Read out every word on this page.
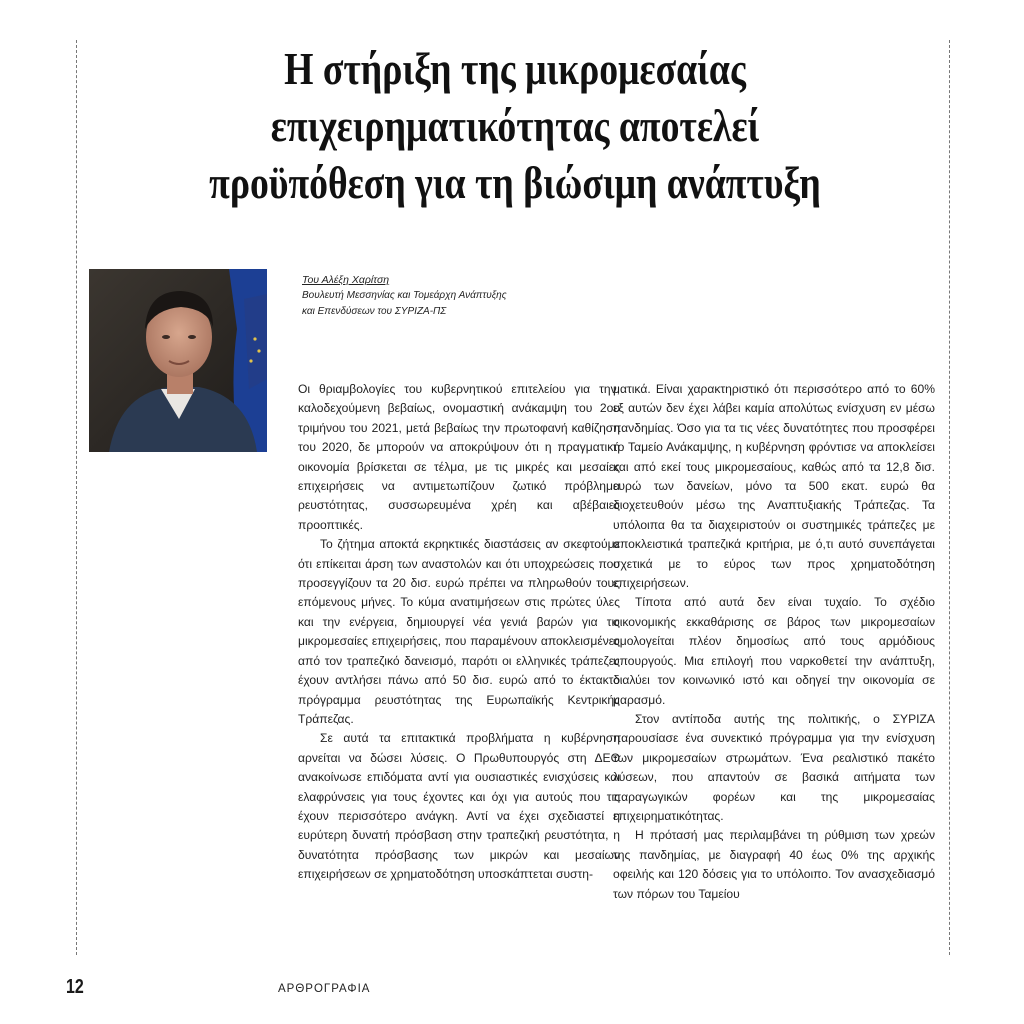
Η στήριξη της μικρομεσαίας
επιχειρηματικότητας αποτελεί
προϋπόθεση για τη βιώσιμη ανάπτυξη
Του Αλέξη Χαρίτση
Βουλευτή Μεσσηνίας και Τομεάρχη Ανάπτυξης
και Επενδύσεων του ΣΥΡΙΖΑ-ΠΣ

Οι θριαμβολογίες του κυβερνητικού επιτελείου για την, καλοδεχούμενη βεβαίως, ονομαστική ανάκαμψη του 2ου τριμήνου του 2021, μετά βεβαίως την πρωτοφανή καθίζηση του 2020, δε μπορούν να αποκρύψουν ότι η πραγματική οικονομία βρίσκεται σε τέλμα, με τις μικρές και μεσαίες επιχειρήσεις να αντιμετωπίζουν ζωτικό πρόβλημα ρευστότητας, συσσωρευμένα χρέη και αβέβαιες προοπτικές.

Το ζήτημα αποκτά εκρηκτικές διαστάσεις αν σκεφτούμε ότι επίκειται άρση των αναστολών και ότι υποχρεώσεις που προσεγγίζουν τα 20 δισ. ευρώ πρέπει να πληρωθούν τους επόμενους μήνες. Το κύμα ανατιμήσεων στις πρώτες ύλες και την ενέργεια, δημιουργεί νέα γενιά βαρών για τις μικρομεσαίες επιχειρήσεις, που παραμένουν αποκλεισμένες από τον τραπεζικό δανεισμό, παρότι οι ελληνικές τράπεζες έχουν αντλήσει πάνω από 50 δισ. ευρώ από το έκτακτο πρόγραμμα ρευστότητας της Ευρωπαϊκής Κεντρικής Τράπεζας.

Σε αυτά τα επιτακτικά προβλήματα η κυβέρνηση αρνείται να δώσει λύσεις. Ο Πρωθυπουργός στη ΔΕΘ ανακοίνωσε επιδόματα αντί για ουσιαστικές ενισχύσεις και ελαφρύνσεις για τους έχοντες και όχι για αυτούς που τις έχουν περισσότερο ανάγκη. Αντί να έχει σχεδιαστεί η ευρύτερη δυνατή πρόσβαση στην τραπεζική ρευστότητα, η δυνατότητα πρόσβασης των μικρών και μεσαίων επιχειρήσεων σε χρηματοδότηση υποσκάπτεται συστη-

ματικά. Είναι χαρακτηριστικό ότι περισσότερο από το 60% εξ αυτών δεν έχει λάβει καμία απολύτως ενίσχυση εν μέσω πανδημίας. Όσο για τα τις νέες δυνατότητες που προσφέρει το Ταμείο Ανάκαμψης, η κυβέρνηση φρόντισε να αποκλείσει και από εκεί τους μικρομεσαίους, καθώς από τα 12,8 δισ. ευρώ των δανείων, μόνο τα 500 εκατ. ευρώ θα διοχετευθούν μέσω της Αναπτυξιακής Τράπεζας. Τα υπόλοιπα θα τα διαχειριστούν οι συστημικές τράπεζες με αποκλειστικά τραπεζικά κριτήρια, με ό,τι αυτό συνεπάγεται σχετικά με το εύρος των προς χρηματοδότηση επιχειρήσεων.

Τίποτα από αυτά δεν είναι τυχαίο. Το σχέδιο οικονομικής εκκαθάρισης σε βάρος των μικρομεσαίων ομολογείται πλέον δημοσίως από τους αρμόδιους υπουργούς. Μια επιλογή που ναρκοθετεί την ανάπτυξη, διαλύει τον κοινωνικό ιστό και οδηγεί την οικονομία σε μαρασμό.

Στον αντίποδα αυτής της πολιτικής, ο ΣΥΡΙΖΑ παρουσίασε ένα συνεκτικό πρόγραμμα για την ενίσχυση των μικρομεσαίων στρωμάτων. Ένα ρεαλιστικό πακέτο λύσεων, που απαντούν σε βασικά αιτήματα των παραγωγικών φορέων και της μικρομεσαίας επιχειρηματικότητας.

Η πρότασή μας περιλαμβάνει τη ρύθμιση των χρεών της πανδημίας, με διαγραφή 40 έως 0% της αρχικής οφειλής και 120 δόσεις για το υπόλοιπο. Τον ανασχεδιασμό των πόρων του Ταμείου

12	ΑΡΘΡΟΓΡΑΦΙΑ
